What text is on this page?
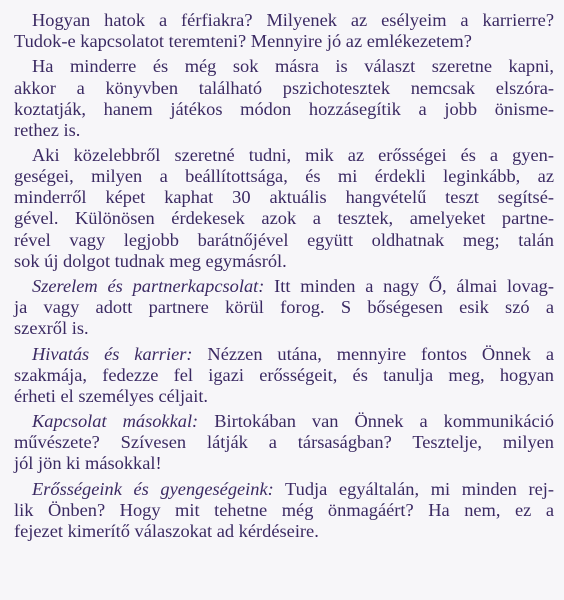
Hogyan hatok a férfiakra? Milyenek az esélyeim a karrierre?
Tudok-e kapcsolatot teremteni? Mennyire jó az emlékezetem?

Ha minderre és még sok másra is választ szeretne kapni,
akkor a könyvben található pszichotesztek nemcsak elszóra-
koztatják, hanem játékos módon hozzásegítik a jobb önisme-
rethez is.

Aki közelebbről szeretné tudni, mik az erősségei és a gyen-
geségei, milyen a beállítottsága, és mi érdekli leginkább, az
minderről képet kaphat 30 aktuális hangvételű teszt segítsé-
gével. Különösen érdekesek azok a tesztek, amelyeket partne-
rével vagy legjobb barátnőjével együtt oldhatnak meg; talán
sok új dolgot tudnak meg egymásról.

Szerelem és partnerkapcsolat: Itt minden a nagy Ő, álmai lovag-
ja vagy adott partnere körül forog. S bőségesen esik szó a
szexről is.

Hivatás és karrier: Nézzen utána, mennyire fontos Önnek a
szakmája, fedezze fel igazi erősségeit, és tanulja meg, hogyan
érheti el személyes céljait.

Kapcsolat másokkal: Birtokában van Önnek a kommunikáció
művészete? Szívesen látják a társaságban? Tesztelje, milyen
jól jön ki másokkal!

Erősségeink és gyengeségeink: Tudja egyáltalán, mi minden rej-
lik Önben? Hogy mit tehetne még önmagáért? Ha nem, ez a
fejezet kimerítő válaszokat ad kérdéseire.
